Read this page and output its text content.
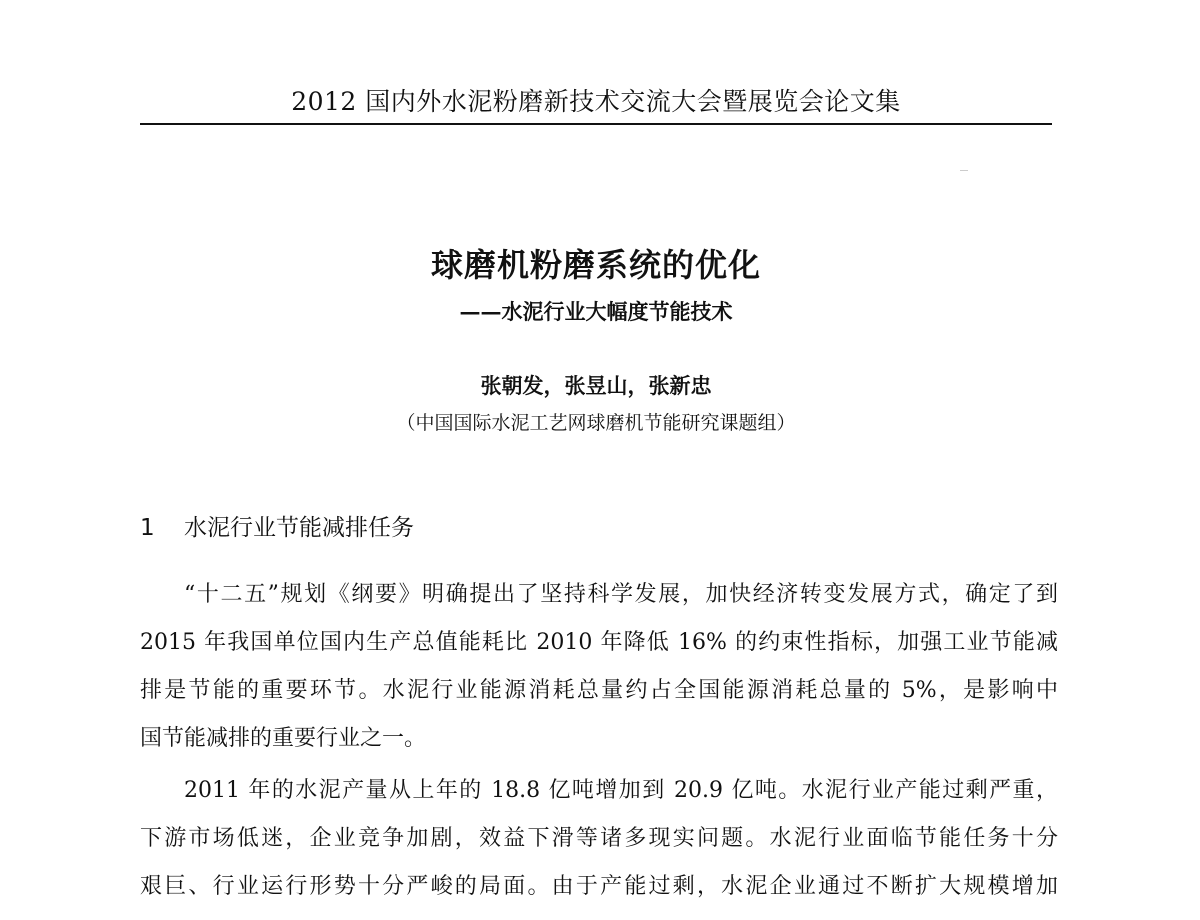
2012 国内外水泥粉磨新技术交流大会暨展览会论文集
球磨机粉磨系统的优化
——水泥行业大幅度节能技术
张朝发，张昱山，张新忠
（中国国际水泥工艺网球磨机节能研究课题组）
1 水泥行业节能减排任务
“十二五”规划《纲要》明确提出了坚持科学发展，加快经济转变发展方式，确定了到
2015 年我国单位国内生产总值能耗比 2010 年降低 16% 的约束性指标，加强工业节能减
排是节能的重要环节。水泥行业能源消耗总量约占全国能源消耗总量的 5%，是影响中
国节能减排的重要行业之一。
2011 年的水泥产量从上年的 18.8 亿吨增加到 20.9 亿吨。水泥行业产能过剩严重，
下游市场低迷，企业竞争加剧，效益下滑等诸多现实问题。水泥行业面临节能任务十分
艰巨、行业运行形势十分严峻的局面。由于产能过剩，水泥企业通过不断扩大规模增加
